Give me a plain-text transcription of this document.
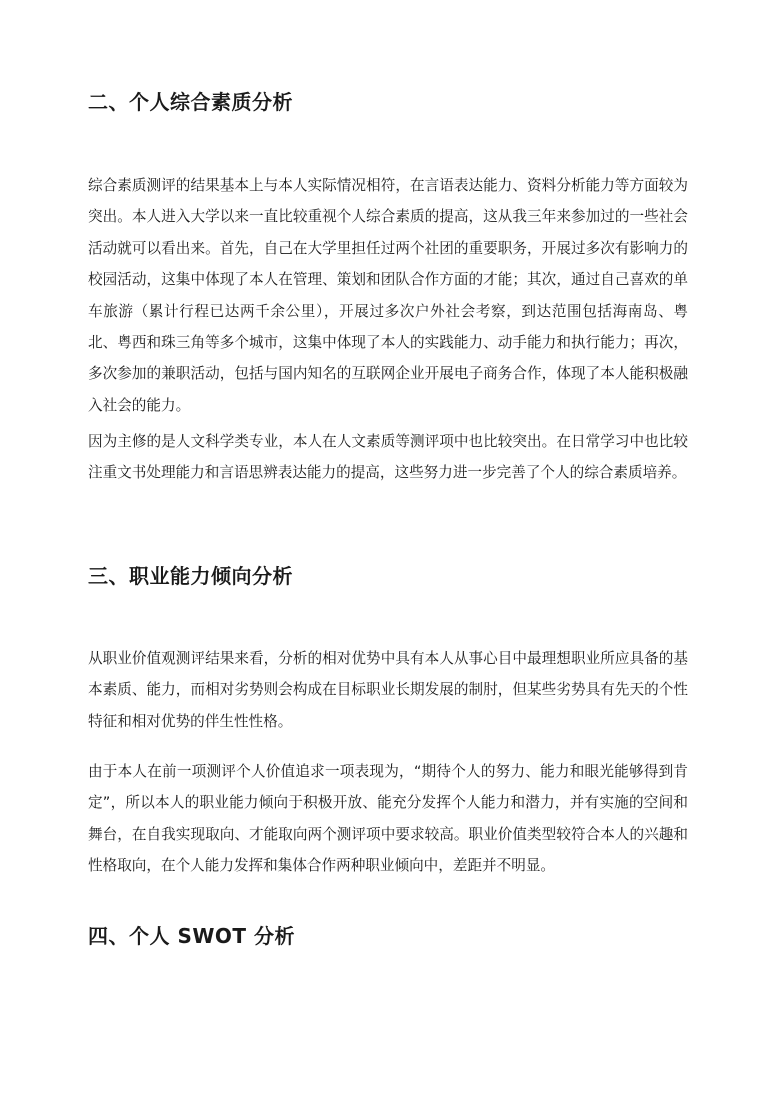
二、个人综合素质分析

综合素质测评的结果基本上与本人实际情况相符，在言语表达能力、资料分析能力等方面较为突出。本人进入大学以来一直比较重视个人综合素质的提高，这从我三年来参加过的一些社会活动就可以看出来。首先，自己在大学里担任过两个社团的重要职务，开展过多次有影响力的校园活动，这集中体现了本人在管理、策划和团队合作方面的才能；其次，通过自己喜欢的单车旅游（累计行程已达两千余公里），开展过多次户外社会考察，到达范围包括海南岛、粤北、粤西和珠三角等多个城市，这集中体现了本人的实践能力、动手能力和执行能力；再次，多次参加的兼职活动，包括与国内知名的互联网企业开展电子商务合作，体现了本人能积极融入社会的能力。

因为主修的是人文科学类专业，本人在人文素质等测评项中也比较突出。在日常学习中也比较注重文书处理能力和言语思辨表达能力的提高，这些努力进一步完善了个人的综合素质培养。

三、职业能力倾向分析

从职业价值观测评结果来看，分析的相对优势中具有本人从事心目中最理想职业所应具备的基本素质、能力，而相对劣势则会构成在目标职业长期发展的制肘，但某些劣势具有先天的个性特征和相对优势的伴生性性格。

由于本人在前一项测评个人价值追求一项表现为，“期待个人的努力、能力和眼光能够得到肯定”，所以本人的职业能力倾向于积极开放、能充分发挥个人能力和潜力，并有实施的空间和舞台，在自我实现取向、才能取向两个测评项中要求较高。职业价值类型较符合本人的兴趣和性格取向，在个人能力发挥和集体合作两种职业倾向中，差距并不明显。

四、个人 SWOT 分析
